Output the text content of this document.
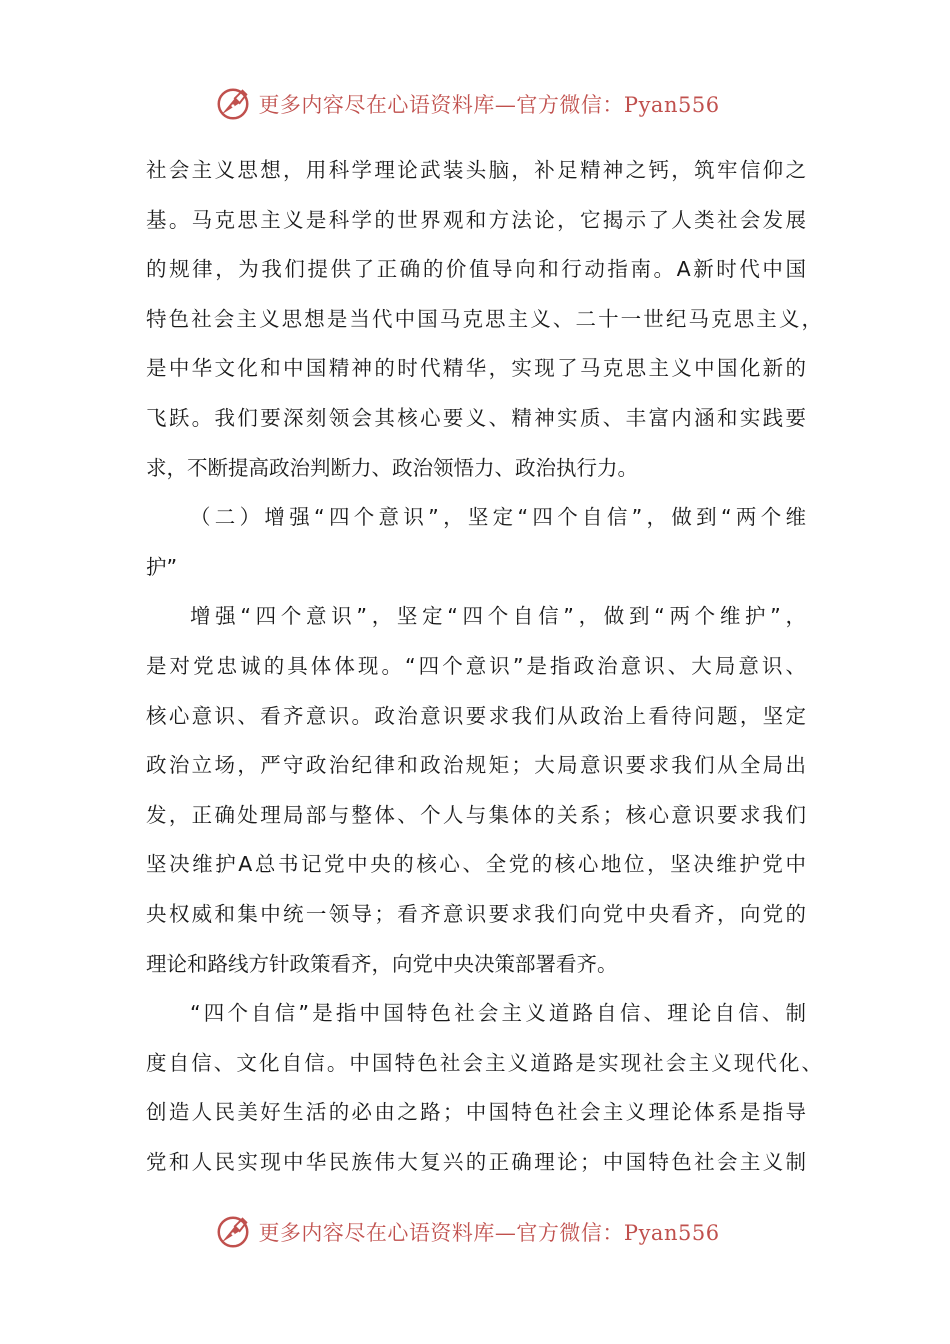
更多内容尽在心语资料库—官方微信：Pyan556
社会主义思想，用科学理论武装头脑，补足精神之钙，筑牢信仰之
基。马克思主义是科学的世界观和方法论，它揭示了人类社会发展
的规律，为我们提供了正确的价值导向和行动指南。A新时代中国
特色社会主义思想是当代中国马克思主义、二十一世纪马克思主义，
是中华文化和中国精神的时代精华，实现了马克思主义中国化新的
飞跃。我们要深刻领会其核心要义、精神实质、丰富内涵和实践要
求，不断提高政治判断力、政治领悟力、政治执行力。
（二）增强“四个意识”，坚定“四个自信”，做到“两个维
护”
增强“四个意识”，坚定“四个自信”，做到“两个维护”，
是对党忠诚的具体体现。“四个意识”是指政治意识、大局意识、
核心意识、看齐意识。政治意识要求我们从政治上看待问题，坚定
政治立场，严守政治纪律和政治规矩；大局意识要求我们从全局出
发，正确处理局部与整体、个人与集体的关系；核心意识要求我们
坚决维护A总书记党中央的核心、全党的核心地位，坚决维护党中
央权威和集中统一领导；看齐意识要求我们向党中央看齐，向党的
理论和路线方针政策看齐，向党中央决策部署看齐。
“四个自信”是指中国特色社会主义道路自信、理论自信、制
度自信、文化自信。中国特色社会主义道路是实现社会主义现代化、
创造人民美好生活的必由之路；中国特色社会主义理论体系是指导
党和人民实现中华民族伟大复兴的正确理论；中国特色社会主义制
更多内容尽在心语资料库—官方微信：Pyan556
